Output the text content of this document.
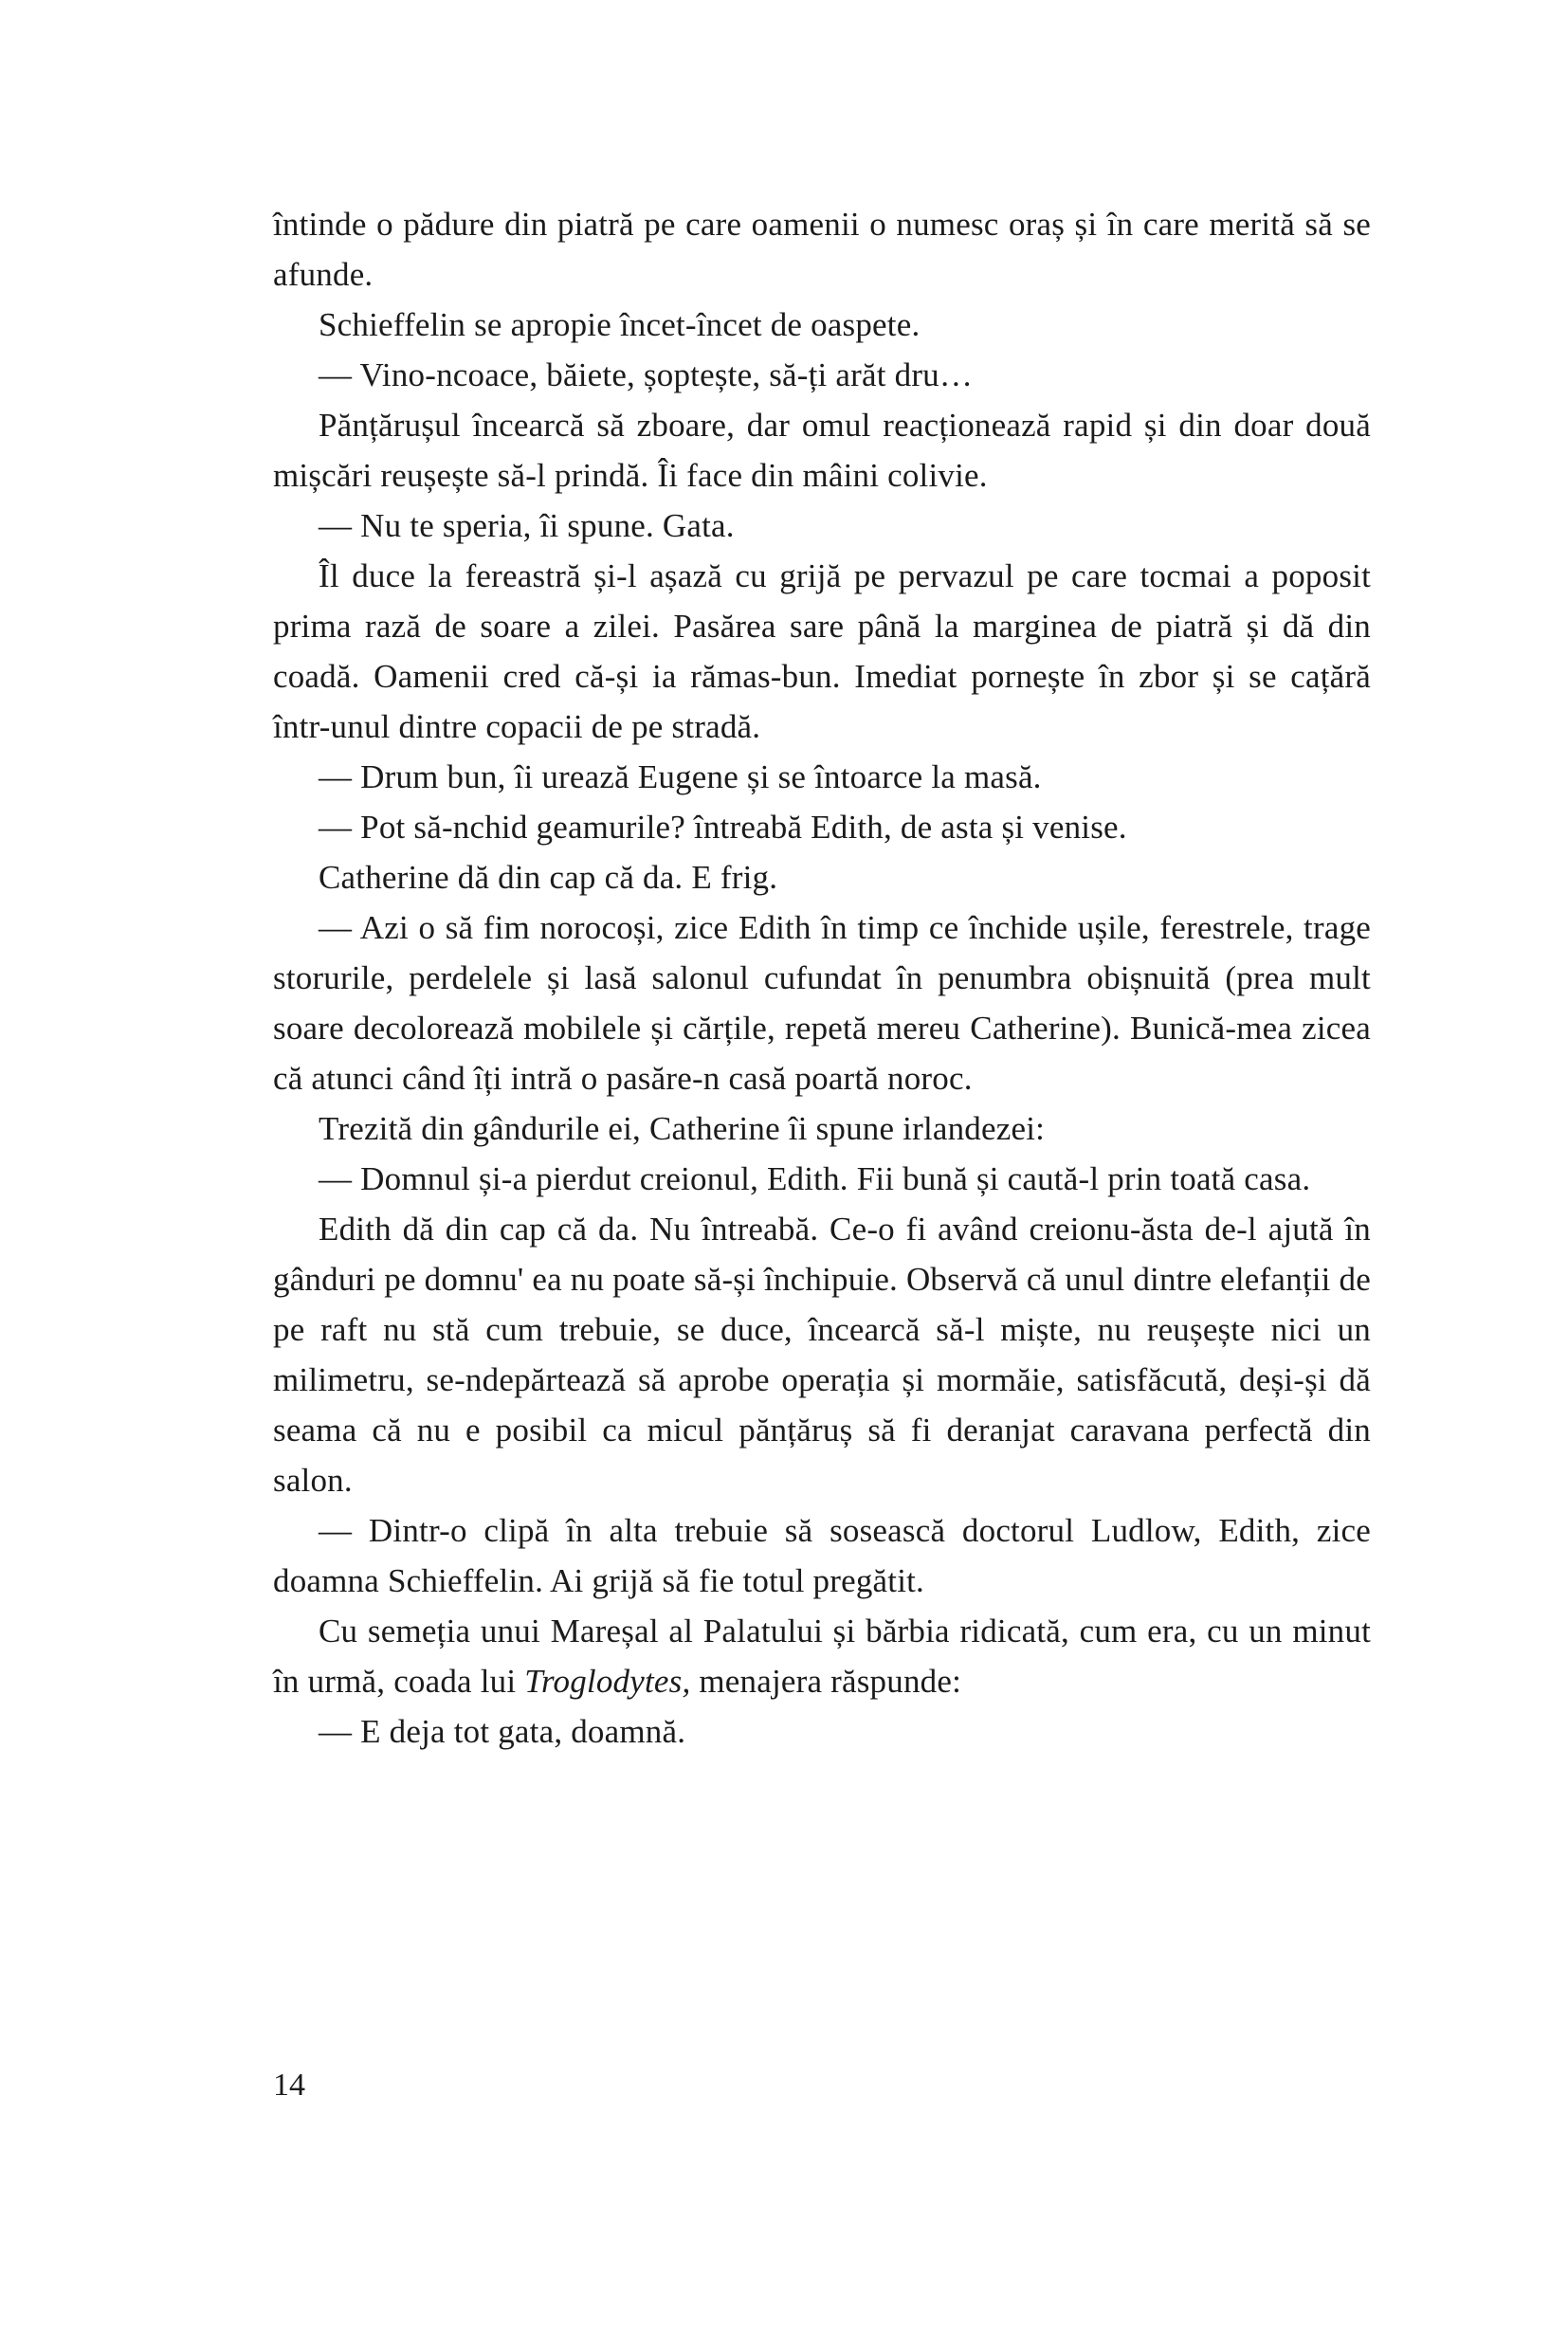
întinde o pădure din piatră pe care oamenii o numesc oraș și în care merită să se afunde.

Schieffelin se apropie încet-încet de oaspete.

— Vino-ncoace, băiete, șoptește, să-ți arăt dru…

Pănțărușul încearcă să zboare, dar omul reacționează rapid și din doar două mișcări reușește să-l prindă. Îi face din mâini colivie.

— Nu te speria, îi spune. Gata.

Îl duce la fereastră și-l așază cu grijă pe pervazul pe care tocmai a poposit prima rază de soare a zilei. Pasărea sare până la marginea de piatră și dă din coadă. Oamenii cred că-și ia rămas-bun. Imediat pornește în zbor și se cațără într-unul dintre copacii de pe stradă.

— Drum bun, îi urează Eugene și se întoarce la masă.

— Pot să-nchid geamurile? întreabă Edith, de asta și venise.

Catherine dă din cap că da. E frig.

— Azi o să fim norocoși, zice Edith în timp ce închide ușile, ferestrele, trage storurile, perdelele și lasă salonul cufundat în penumbra obișnuită (prea mult soare decolorează mobilele și cărțile, repetă mereu Catherine). Bunică-mea zicea că atunci când îți intră o pasăre-n casă poartă noroc.

Trezită din gândurile ei, Catherine îi spune irlandezei:

— Domnul și-a pierdut creionul, Edith. Fii bună și caută-l prin toată casa.

Edith dă din cap că da. Nu întreabă. Ce-o fi având creionu-ăsta de-l ajută în gânduri pe domnu' ea nu poate să-și închipuie. Observă că unul dintre elefanții de pe raft nu stă cum trebuie, se duce, încearcă să-l miște, nu reușește nici un milimetru, se-ndepărtează să aprobe operația și mormăie, satisfăcută, deși-și dă seama că nu e posibil ca micul pănțăruș să fi deranjat caravana perfectă din salon.

— Dintr-o clipă în alta trebuie să sosească doctorul Ludlow, Edith, zice doamna Schieffelin. Ai grijă să fie totul pregătit.

Cu semeția unui Mareșal al Palatului și bărbia ridicată, cum era, cu un minut în urmă, coada lui Troglodytes, menajera răspunde:

— E deja tot gata, doamnă.

14
